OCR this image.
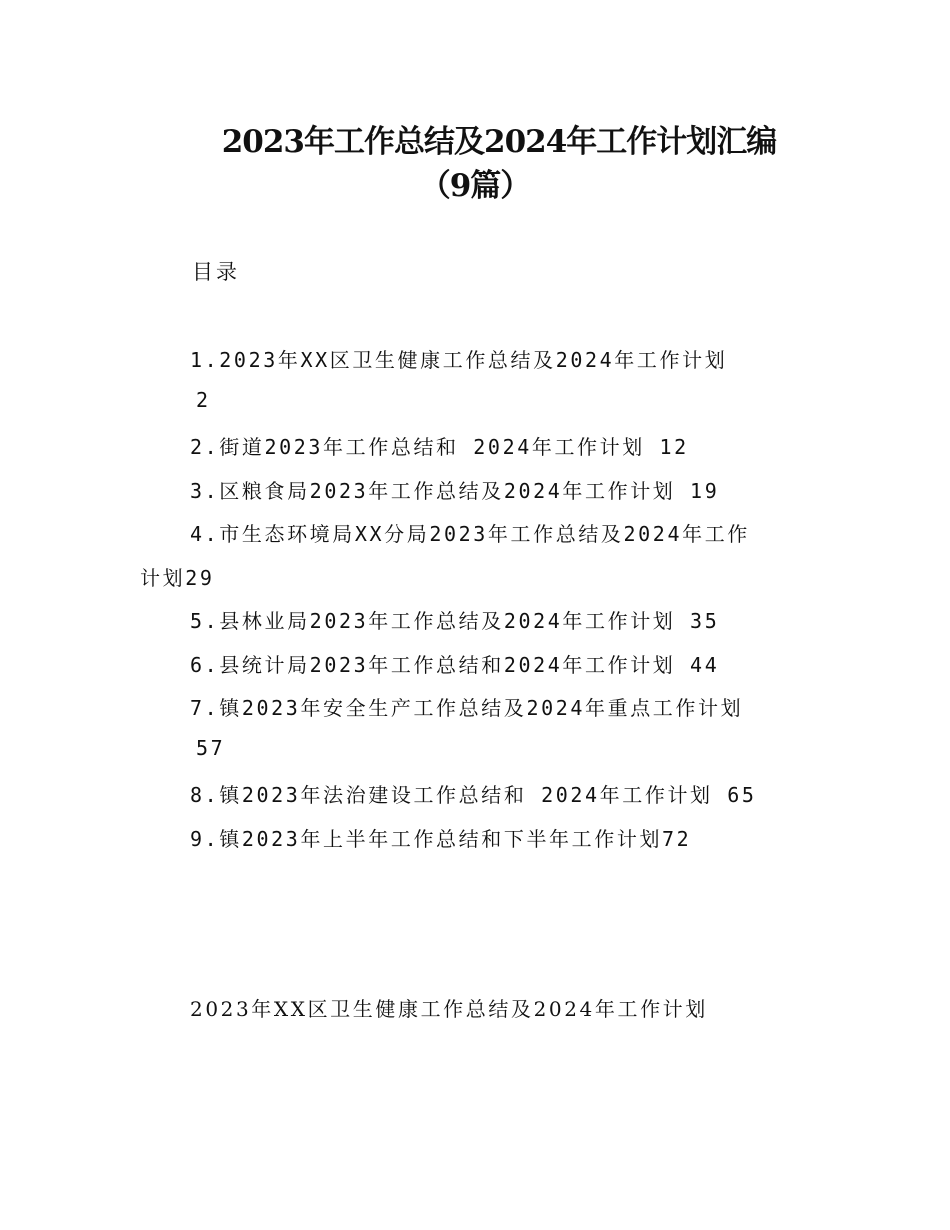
2023年工作总结及2024年工作计划汇编
（9篇）
目录
1.2023年XX区卫生健康工作总结及2024年工作计划
2
2.街道2023年工作总结和 2024年工作计划 12
3.区粮食局2023年工作总结及2024年工作计划 19
4.市生态环境局XX分局2023年工作总结及2024年工作
计划29
5.县林业局2023年工作总结及2024年工作计划 35
6.县统计局2023年工作总结和2024年工作计划 44
7.镇2023年安全生产工作总结及2024年重点工作计划
57
8.镇2023年法治建设工作总结和 2024年工作计划 65
9.镇2023年上半年工作总结和下半年工作计划72
2023年XX区卫生健康工作总结及2024年工作计划
